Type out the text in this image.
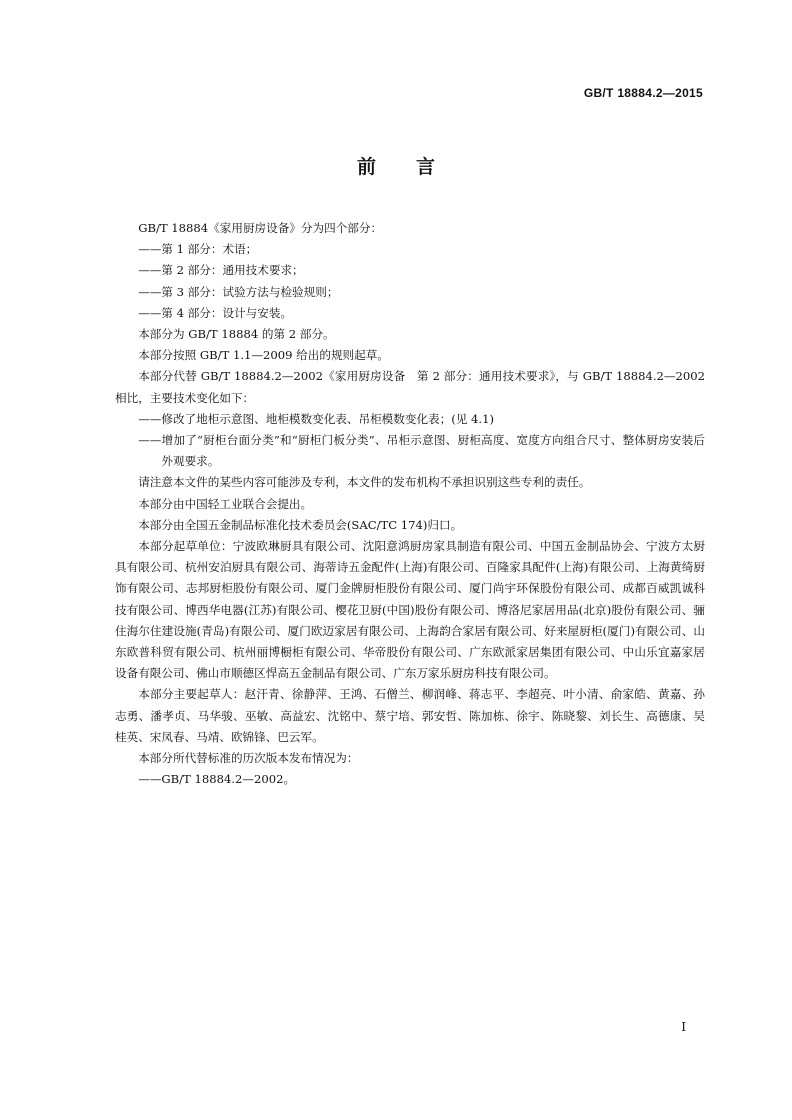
GB/T 18884.2—2015
前言

GB/T 18884《家用厨房设备》分为四个部分：

——第 1 部分：术语；

——第 2 部分：通用技术要求；

——第 3 部分：试验方法与检验规则；

——第 4 部分：设计与安装。

本部分为 GB/T 18884 的第 2 部分。

本部分按照 GB/T 1.1—2009 给出的规则起草。

本部分代替 GB/T 18884.2—2002《家用厨房设备　第 2 部分：通用技术要求》，与 GB/T 18884.2—2002 相比，主要技术变化如下：

——修改了地柜示意图、地柜模数变化表、吊柜模数变化表；(见 4.1)

——增加了“厨柜台面分类”和“厨柜门板分类”、吊柜示意图、厨柜高度、宽度方向组合尺寸、整体厨房安装后外观要求。

请注意本文件的某些内容可能涉及专利，本文件的发布机构不承担识别这些专利的责任。

本部分由中国轻工业联合会提出。

本部分由全国五金制品标准化技术委员会(SAC/TC 174)归口。

本部分起草单位：宁波欧琳厨具有限公司、沈阳意鸿厨房家具制造有限公司、中国五金制品协会、宁波方太厨具有限公司、杭州安泊厨具有限公司、海蒂诗五金配件(上海)有限公司、百隆家具配件(上海)有限公司、上海黄绮厨饰有限公司、志邦厨柜股份有限公司、厦门金牌厨柜股份有限公司、厦门尚宇环保股份有限公司、成都百威凯诚科技有限公司、博西华电器(江苏)有限公司、樱花卫厨(中国)股份有限公司、博洛尼家居用品(北京)股份有限公司、骊住海尔住建设施(青岛)有限公司、厦门欧迈家居有限公司、上海韵合家居有限公司、好来屋厨柜(厦门)有限公司、山东欧普科贸有限公司、杭州丽博橱柜有限公司、华帝股份有限公司、广东欧派家居集团有限公司、中山乐宜嘉家居设备有限公司、佛山市顺德区悍高五金制品有限公司、广东万家乐厨房科技有限公司。

本部分主要起草人：赵汗青、徐静萍、王鸿、石僧兰、柳润峰、蒋志平、李超亮、叶小清、俞家皓、黄嘉、孙志勇、潘孝贞、马华骏、巫敏、高益宏、沈铭中、蔡宁培、郭安哲、陈加栋、徐宇、陈晓黎、刘长生、高德康、吴桂英、宋凤春、马靖、欧锦锋、巴云军。

本部分所代替标准的历次版本发布情况为：

——GB/T 18884.2—2002。

I
